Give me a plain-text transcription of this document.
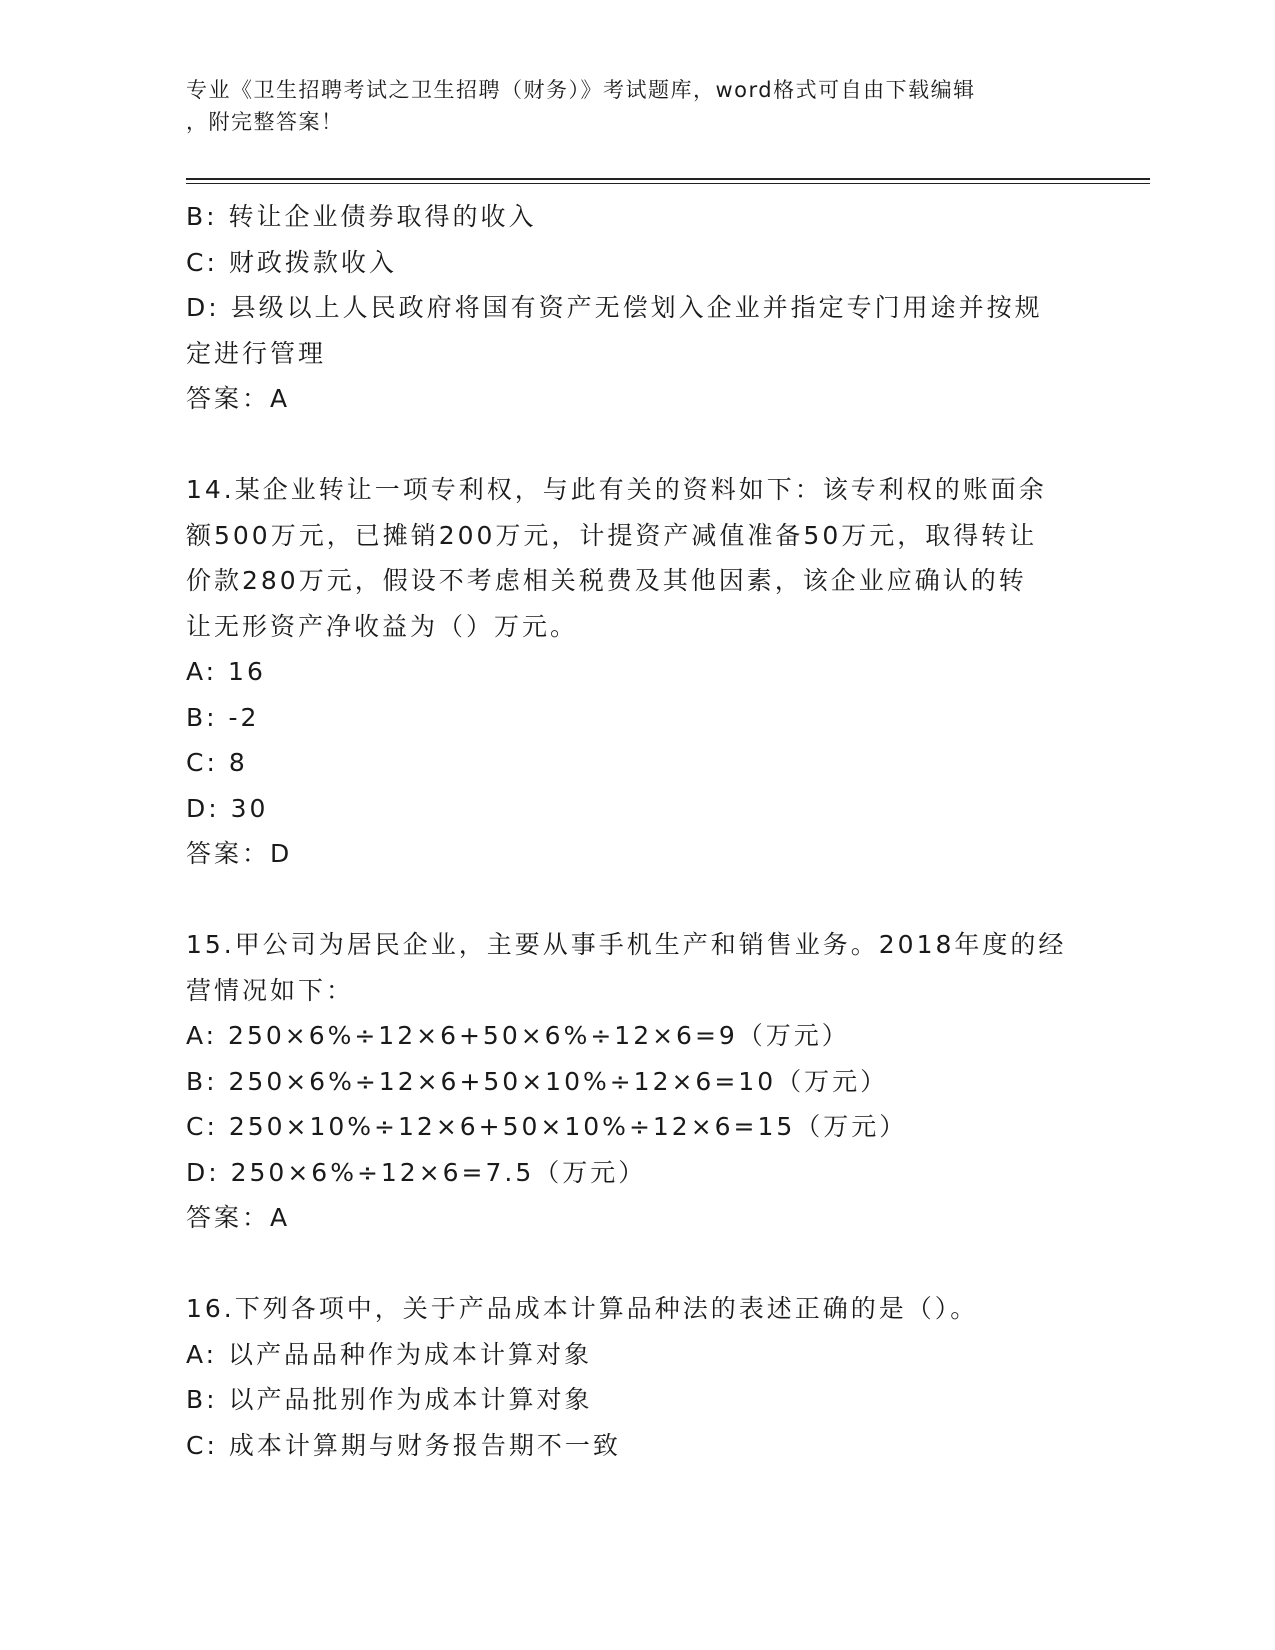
专业《卫生招聘考试之卫生招聘（财务）》考试题库，word格式可自由下载编辑
，附完整答案！
B: 转让企业债券取得的收入
C: 财政拨款收入
D: 县级以上人民政府将国有资产无偿划入企业并指定专门用途并按规
定进行管理
答案：A
14.某企业转让一项专利权，与此有关的资料如下：该专利权的账面余
额500万元，已摊销200万元，计提资产减值准备50万元，取得转让
价款280万元，假设不考虑相关税费及其他因素，该企业应确认的转
让无形资产净收益为（）万元。
A: 16
B: -2
C: 8
D: 30
答案：D
15.甲公司为居民企业，主要从事手机生产和销售业务。2018年度的经
营情况如下：
A: 250×6%÷12×6+50×6%÷12×6=9（万元）
B: 250×6%÷12×6+50×10%÷12×6=10（万元）
C: 250×10%÷12×6+50×10%÷12×6=15（万元）
D: 250×6%÷12×6=7.5（万元）
答案：A
16.下列各项中，关于产品成本计算品种法的表述正确的是（）。
A: 以产品品种作为成本计算对象
B: 以产品批别作为成本计算对象
C: 成本计算期与财务报告期不一致
